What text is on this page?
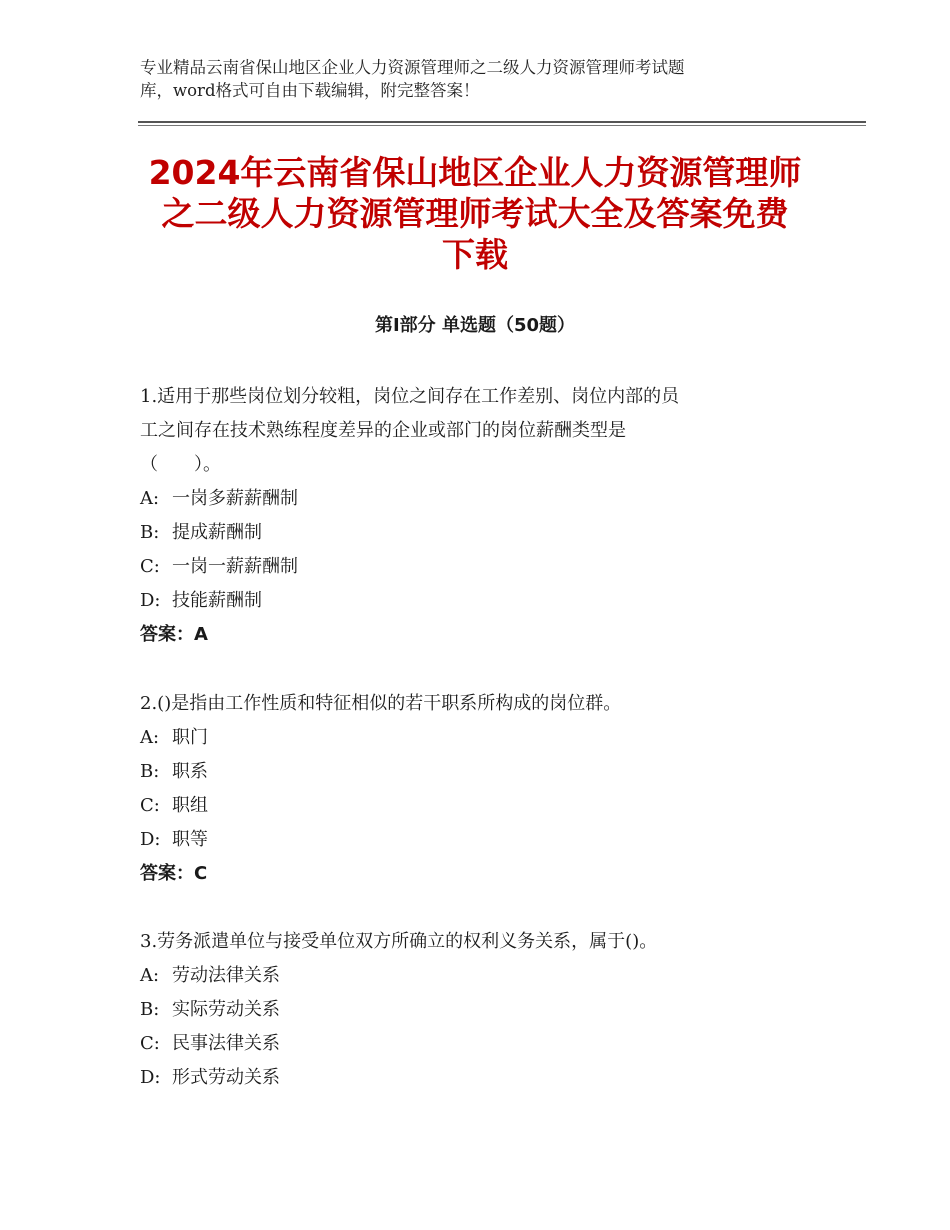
专业精品云南省保山地区企业人力资源管理师之二级人力资源管理师考试题
库，word格式可自由下载编辑，附完整答案！
2024年云南省保山地区企业人力资源管理师
之二级人力资源管理师考试大全及答案免费
下载
第Ⅰ部分 单选题（50题）
1.适用于那些岗位划分较粗，岗位之间存在工作差别、岗位内部的员
工之间存在技术熟练程度差异的企业或部门的岗位薪酬类型是
（　　）。
A: 一岗多薪薪酬制
B: 提成薪酬制
C: 一岗一薪薪酬制
D: 技能薪酬制
答案：A
2.()是指由工作性质和特征相似的若干职系所构成的岗位群。
A: 职门
B: 职系
C: 职组
D: 职等
答案：C
3.劳务派遣单位与接受单位双方所确立的权利义务关系，属于()。
A: 劳动法律关系
B: 实际劳动关系
C: 民事法律关系
D: 形式劳动关系
